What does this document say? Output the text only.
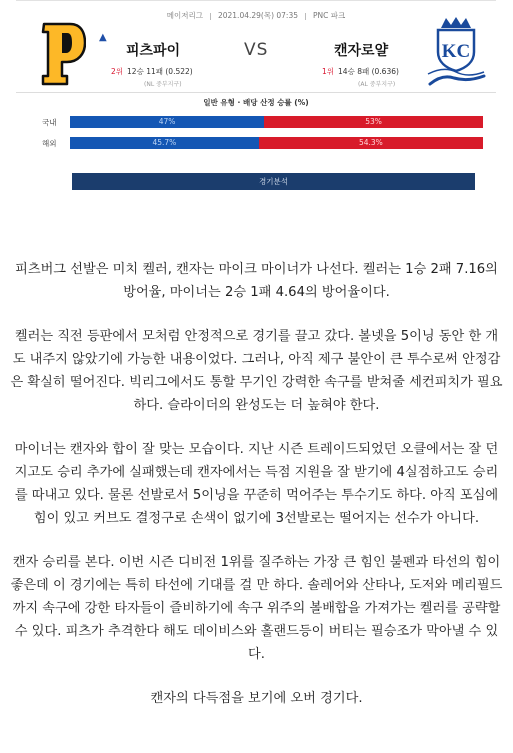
메이저리그 2021.04.29(목) 07:35 PNC 파크
▲
피츠파이	VS	캔자로얄
2위 12승 11패 (0.522)	1위 14승 8패 (0.636)
(NL 중부지구)	(AL 중부지구)
KC
일반 유형 · 배당 산정 승률 (%)
국내	47%	53%
해외	45.7%	54.3%
경기분석

피츠버그 선발은 미치 켈러, 캔자는 마이크 마이너가 나선다. 켈러는 1승 2패 7.16의 방어율, 마이너는 2승 1패 4.64의 방어율이다.

켈러는 직전 등판에서 모처럼 안정적으로 경기를 끌고 갔다. 볼넷을 5이닝 동안 한 개도 내주지 않았기에 가능한 내용이었다. 그러나, 아직 제구 불안이 큰 투수로써 안정감은 확실히 떨어진다. 빅리그에서도 통할 무기인 강력한 속구를 받쳐줄 세컨피치가 필요하다. 슬라이더의 완성도는 더 높혀야 한다.

마이너는 캔자와 합이 잘 맞는 모습이다. 지난 시즌 트레이드되었던 오클에서는 잘 던지고도 승리 추가에 실패했는데 캔자에서는 득점 지원을 잘 받기에 4실점하고도 승리를 따내고 있다. 물론 선발로서 5이닝을 꾸준히 먹어주는 투수기도 하다. 아직 포심에 힘이 있고 커브도 결정구로 손색이 없기에 3선발로는 떨어지는 선수가 아니다.

캔자 승리를 본다. 이번 시즌 디비전 1위를 질주하는 가장 큰 힘인 불펜과 타선의 힘이 좋은데 이 경기에는 특히 타선에 기대를 걸 만 하다. 솔레어와 산타나, 도저와 메리필드까지 속구에 강한 타자들이 즐비하기에 속구 위주의 볼배합을 가져가는 켈러를 공략할 수 있다. 피츠가 추격한다 해도 데이비스와 홀랜드등이 버티는 필승조가 막아낼 수 있다.

캔자의 다득점을 보기에 오버 경기다.
